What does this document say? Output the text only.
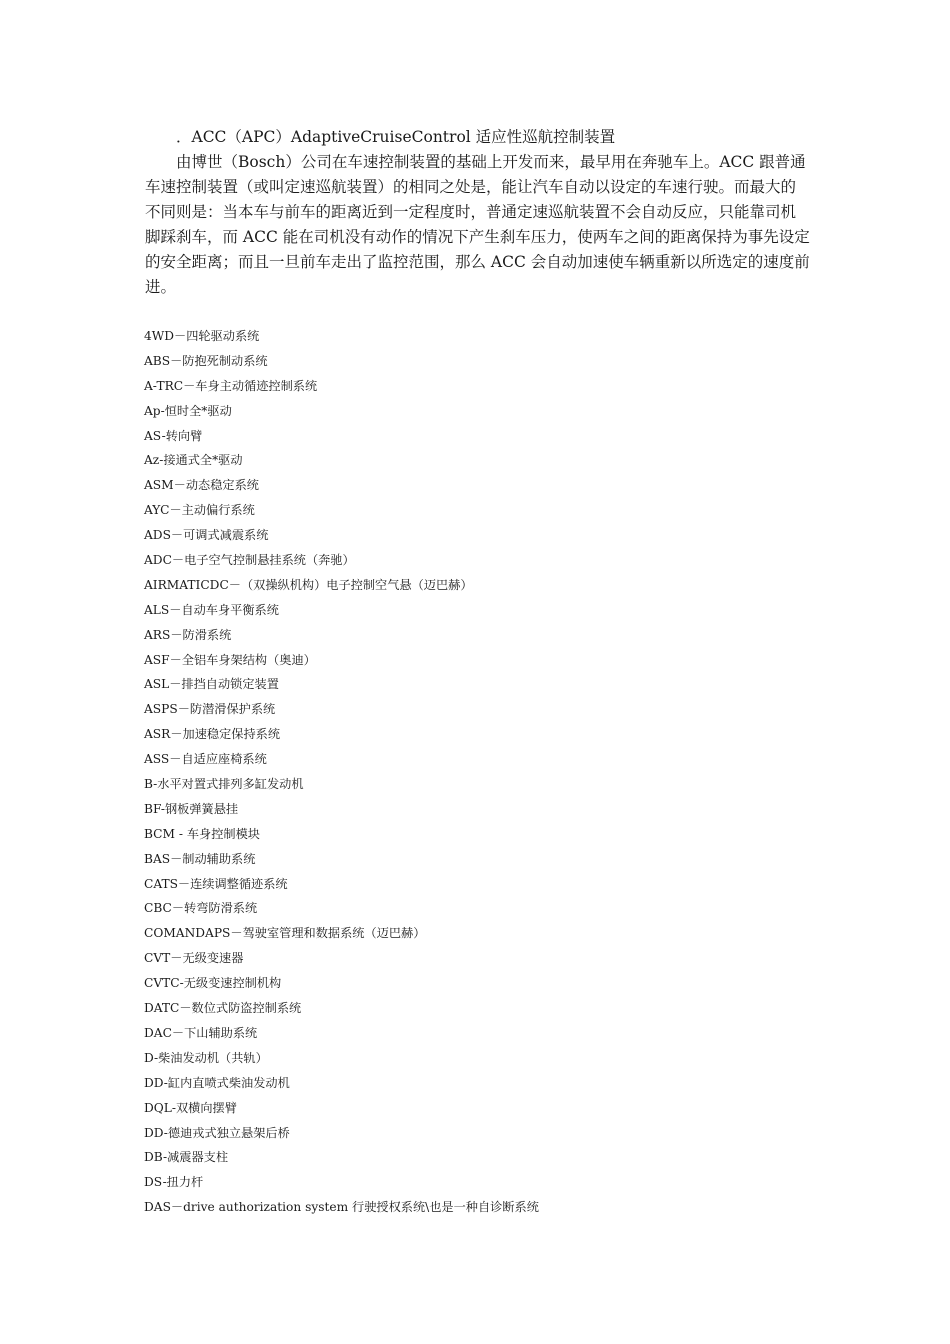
．ACC（APC）AdaptiveCruiseControl 适应性巡航控制装置

由博世（Bosch）公司在车速控制装置的基础上开发而来，最早用在奔驰车上。ACC 跟普通车速控制装置（或叫定速巡航装置）的相同之处是，能让汽车自动以设定的车速行驶。而最大的不同则是：当本车与前车的距离近到一定程度时，普通定速巡航装置不会自动反应，只能靠司机脚踩刹车，而 ACC 能在司机没有动作的情况下产生刹车压力，使两车之间的距离保持为事先设定的安全距离；而且一旦前车走出了监控范围，那么 ACC 会自动加速使车辆重新以所选定的速度前进。

4WD－四轮驱动系统
ABS－防抱死制动系统
A-TRC－车身主动循迹控制系统
Ap-恒时全*驱动
AS-转向臂
Az-接通式全*驱动
ASM－动态稳定系统
AYC－主动偏行系统
ADS－可调式减震系统
ADC－电子空气控制悬挂系统（奔驰）
AIRMATICDC－（双操纵机构）电子控制空气悬（迈巴赫）
ALS－自动车身平衡系统
ARS－防滑系统
ASF－全铝车身架结构（奥迪）
ASL－排挡自动锁定装置
ASPS－防潜滑保护系统
ASR－加速稳定保持系统
ASS－自适应座椅系统
B-水平对置式排列多缸发动机
BF-钢板弹簧悬挂
BCM - 车身控制模块
BAS－制动辅助系统
CATS－连续调整循迹系统
CBC－转弯防滑系统
COMANDAPS－驾驶室管理和数据系统（迈巴赫）
CVT－无级变速器
CVTC-无级变速控制机构
DATC－数位式防盗控制系统
DAC－下山辅助系统
D-柴油发动机（共轨）
DD-缸内直喷式柴油发动机
DQL-双横向摆臂
DD-德迪戎式独立悬架后桥
DB-减震器支柱
DS-扭力杆
DAS－drive authorization system 行驶授权系统\也是一种自诊断系统
